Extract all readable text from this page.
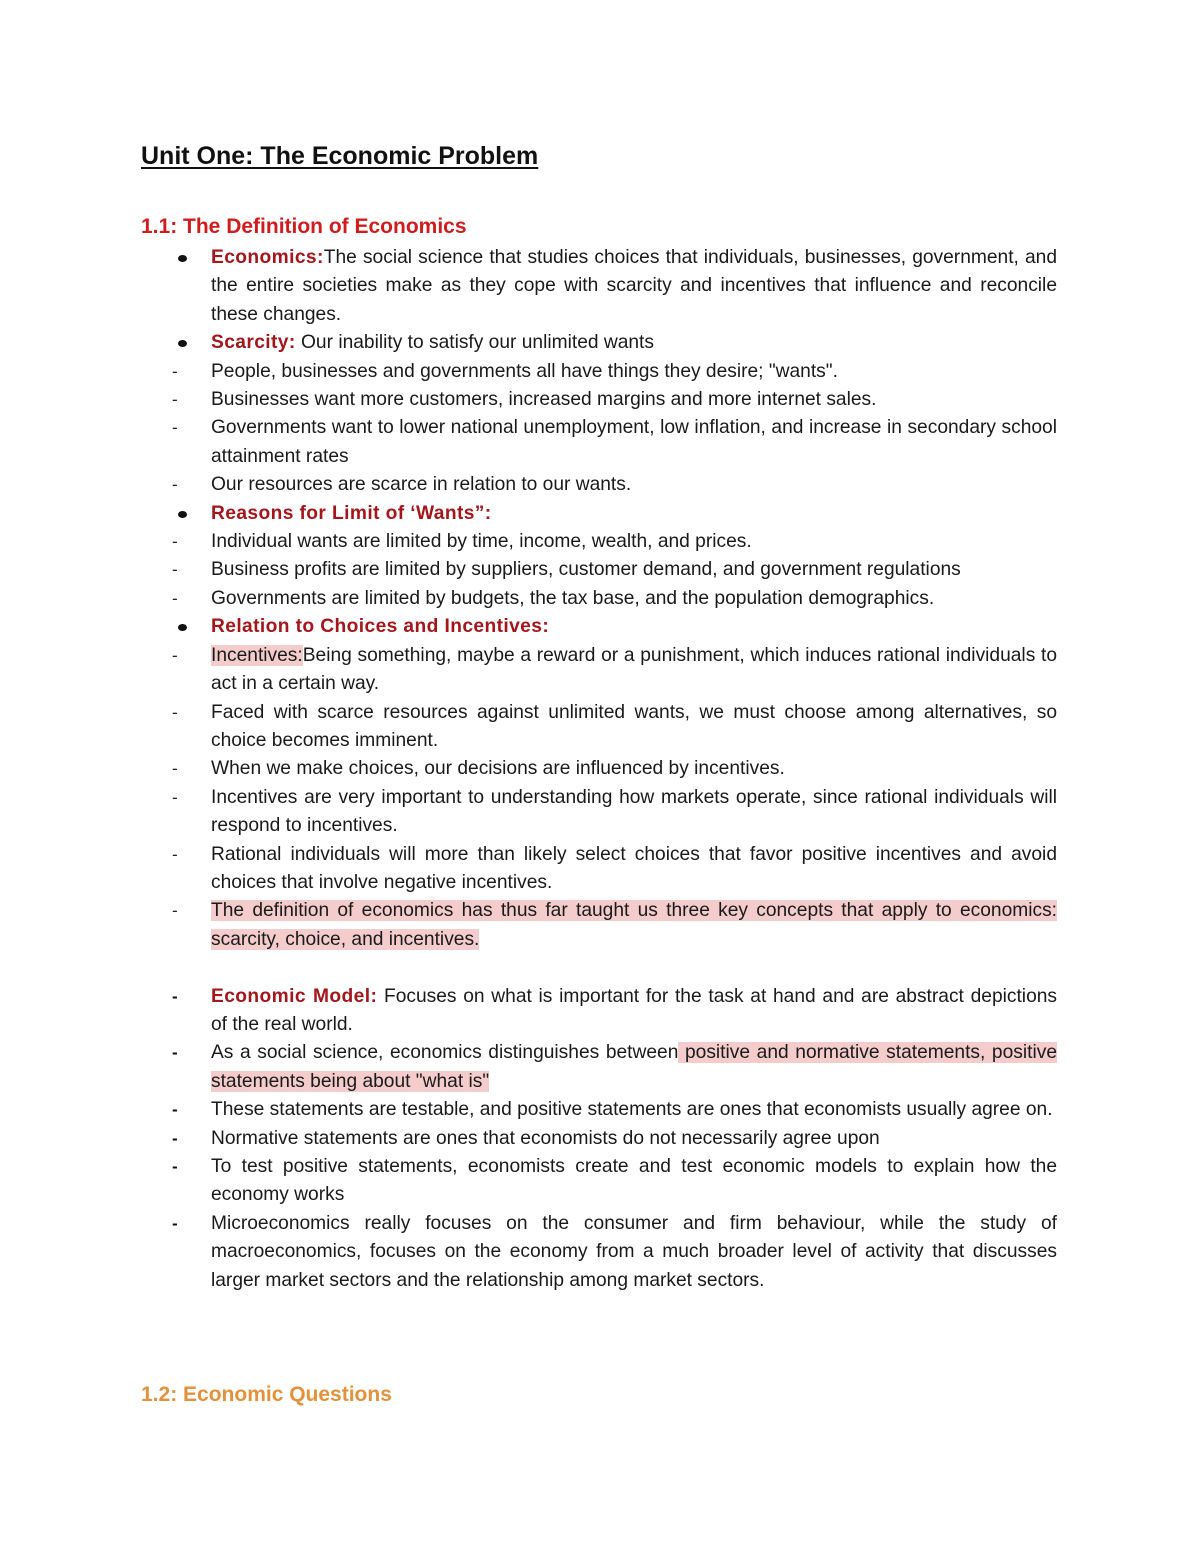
Unit One: The Economic Problem
1.1: The Definition of Economics
Economics:The social science that studies choices that individuals, businesses, government, and the entire societies make as they cope with scarcity and incentives that influence and reconcile these changes.
Scarcity: Our inability to satisfy our unlimited wants
-	People, businesses and governments all have things they desire; "wants".
-	Businesses want more customers, increased margins and more internet sales.
-	Governments want to lower national unemployment, low inflation, and increase in secondary school attainment rates
-	Our resources are scarce in relation to our wants.
Reasons for Limit of ‘Wants”:
-	Individual wants are limited by time, income, wealth, and prices.
-	Business profits are limited by suppliers, customer demand, and government regulations
-	Governments are limited by budgets, the tax base, and the population demographics.
Relation to Choices and Incentives:
-	Incentives:Being something, maybe a reward or a punishment, which induces rational individuals to act in a certain way.
-	Faced with scarce resources against unlimited wants, we must choose among alternatives, so choice becomes imminent.
-	When we make choices, our decisions are influenced by incentives.
-	Incentives are very important to understanding how markets operate, since rational individuals will respond to incentives.
-	Rational individuals will more than likely select choices that favor positive incentives and avoid choices that involve negative incentives.
-	The definition of economics has thus far taught us three key concepts that apply to economics: scarcity, choice, and incentives.
-	Economic Model: Focuses on what is important for the task at hand and are abstract depictions of the real world.
-	As a social science, economics distinguishes between positive and normative statements, positive statements being about "what is"
-	These statements are testable, and positive statements are ones that economists usually agree on.
-	Normative statements are ones that economists do not necessarily agree upon
-	To test positive statements, economists create and test economic models to explain how the economy works
-	Microeconomics really focuses on the consumer and firm behaviour, while the study of macroeconomics, focuses on the economy from a much broader level of activity that discusses larger market sectors and the relationship among market sectors.
1.2: Economic Questions
